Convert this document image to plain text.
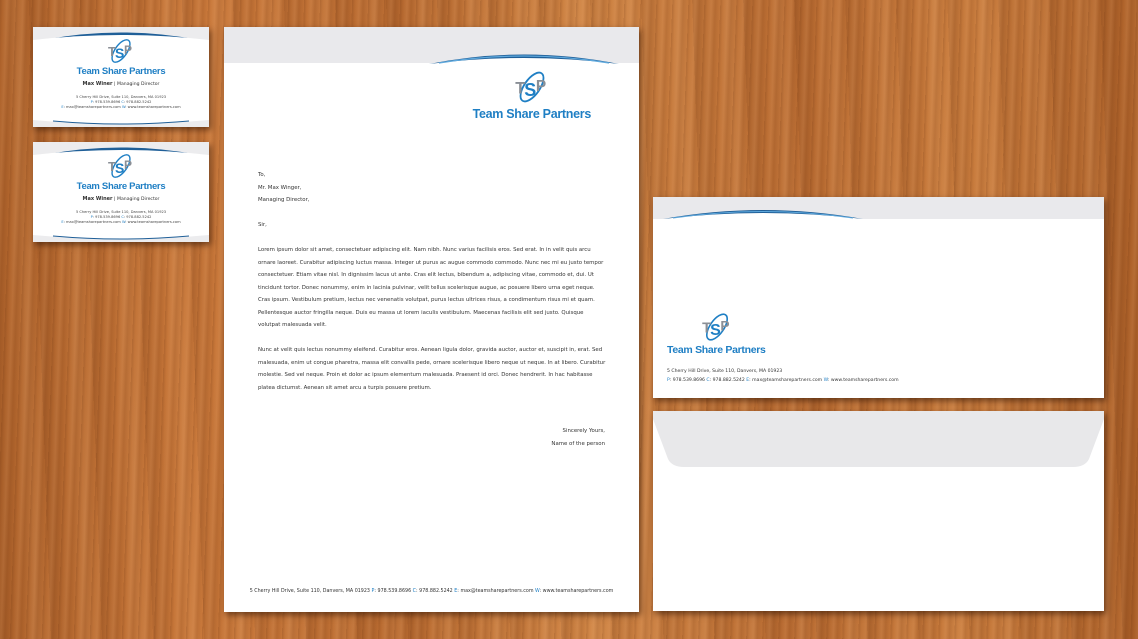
T S P
Team Share Partners
Max Winer | Managing Director
5 Cherry Hill Drive, Suite 110, Danvers, MA 01923
P: 978.539.8696 C: 978.882.5242
E: max@teamsharepartners.com W: www.teamsharepartners.com
T S P
Team Share Partners
Max Winer | Managing Director
5 Cherry Hill Drive, Suite 110, Danvers, MA 01923
P: 978.539.8696 C: 978.882.5242
E: max@teamsharepartners.com W: www.teamsharepartners.com
T
S P
Team Share Partners
To,
Mr. Max Winger,
Managing Director,

Sir,

Lorem ipsum dolor sit amet, consectetuer adipiscing elit. Nam nibh. Nunc varius facilisis eros. Sed erat. In in velit quis arcu ornare laoreet. Curabitur adipiscing luctus massa. Integer ut purus ac augue commodo commodo. Nunc nec mi eu justo tempor consectetuer. Etiam vitae nisl. In dignissim lacus ut ante. Cras elit lectus, bibendum a, adipiscing vitae, commodo et, dui. Ut tincidunt tortor. Donec nonummy, enim in lacinia pulvinar, velit tellus scelerisque augue, ac posuere libero urna eget neque. Cras ipsum. Vestibulum pretium, lectus nec venenatis volutpat, purus lectus ultrices risus, a condimentum risus mi et quam. Pellentesque auctor fringilla neque. Duis eu massa ut lorem iaculis vestibulum. Maecenas facilisis elit sed justo. Quisque volutpat malesuada velit.

Nunc at velit quis lectus nonummy eleifend. Curabitur eros. Aenean ligula dolor, gravida auctor, auctor et, suscipit in, erat. Sed malesuada, enim ut congue pharetra, massa elit convallis pede, ornare scelerisque libero neque ut neque. In at libero. Curabitur molestie. Sed vel neque. Proin et dolor ac ipsum elementum malesuada. Praesent id orci. Donec hendrerit. In hac habitasse platea dictumst. Aenean sit amet arcu a turpis posuere pretium.

Sincerely Yours,
Name of the person
5 Cherry Hill Drive, Suite 110, Danvers, MA 01923 P: 978.539.8696 C: 978.882.5242 E: max@teamsharepartners.com W: www.teamsharepartners.com
T
S P
Team Share Partners
5 Cherry Hill Drive, Suite 110, Danvers, MA 01923
P: 978.539.8696 C: 978.882.5242 E: max@teamsharepartners.com W: www.teamsharepartners.com
